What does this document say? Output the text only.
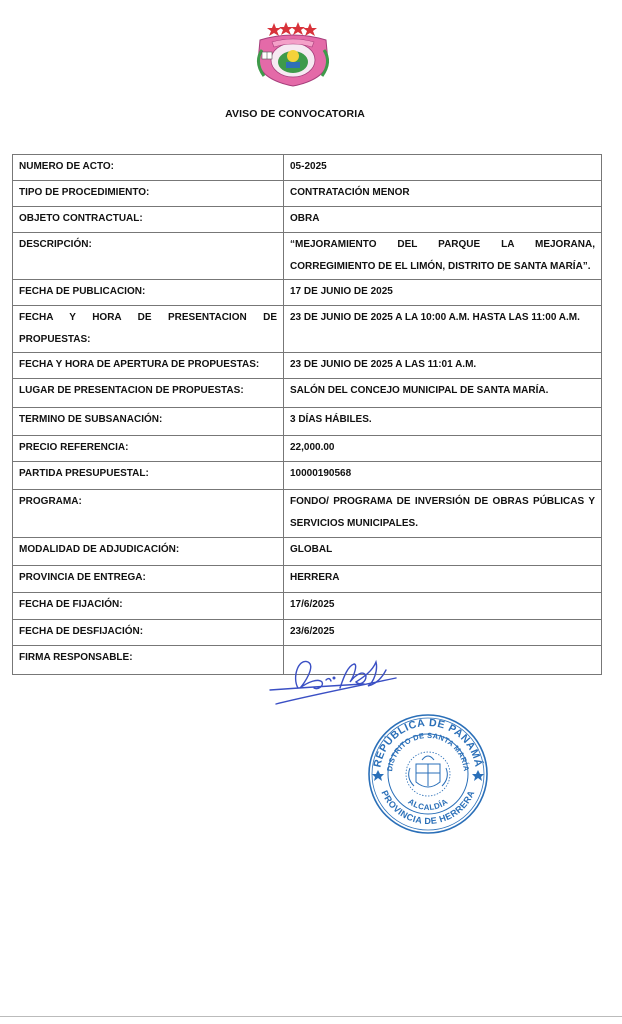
AVISO DE CONVOCATORIA
NUMERO DE ACTO:	05-2025

TIPO DE PROCEDIMIENTO:	CONTRATACIÓN MENOR

OBJETO CONTRACTUAL:	OBRA

DESCRIPCIÓN:	“MEJORAMIENTO DEL PARQUE LA MEJORANA, CORREGIMIENTO DE EL LIMÓN, DISTRITO DE SANTA MARÍA”.

FECHA DE PUBLICACION:	17 DE JUNIO DE 2025

FECHA Y HORA DE PRESENTACION DE PROPUESTAS:	23 DE JUNIO DE 2025 A LA 10:00 A.M. HASTA LAS 11:00 A.M.

FECHA Y HORA DE APERTURA DE PROPUESTAS:	23 DE JUNIO DE 2025 A LAS 11:01 A.M.

LUGAR DE PRESENTACION DE PROPUESTAS:	SALÓN DEL CONCEJO MUNICIPAL DE SANTA MARÍA.

TERMINO DE SUBSANACIÓN:	3 DÍAS HÁBILES.

PRECIO REFERENCIA:	22,000.00

PARTIDA PRESUPUESTAL:	10000190568

PROGRAMA:	FONDO/ PROGRAMA DE INVERSIÓN DE OBRAS PÚBLICAS Y SERVICIOS MUNICIPALES.

MODALIDAD DE ADJUDICACIÓN:	GLOBAL

PROVINCIA DE ENTREGA:	HERRERA

FECHA DE FIJACIÓN:	17/6/2025

FECHA DE DESFIJACIÓN:	23/6/2025

FIRMA RESPONSABLE:	

REPÚBLICA DE PANAMÁ
DISTRITO DE SANTA MARÍA
ALCALDÍA
PROVINCIA DE HERRERA
